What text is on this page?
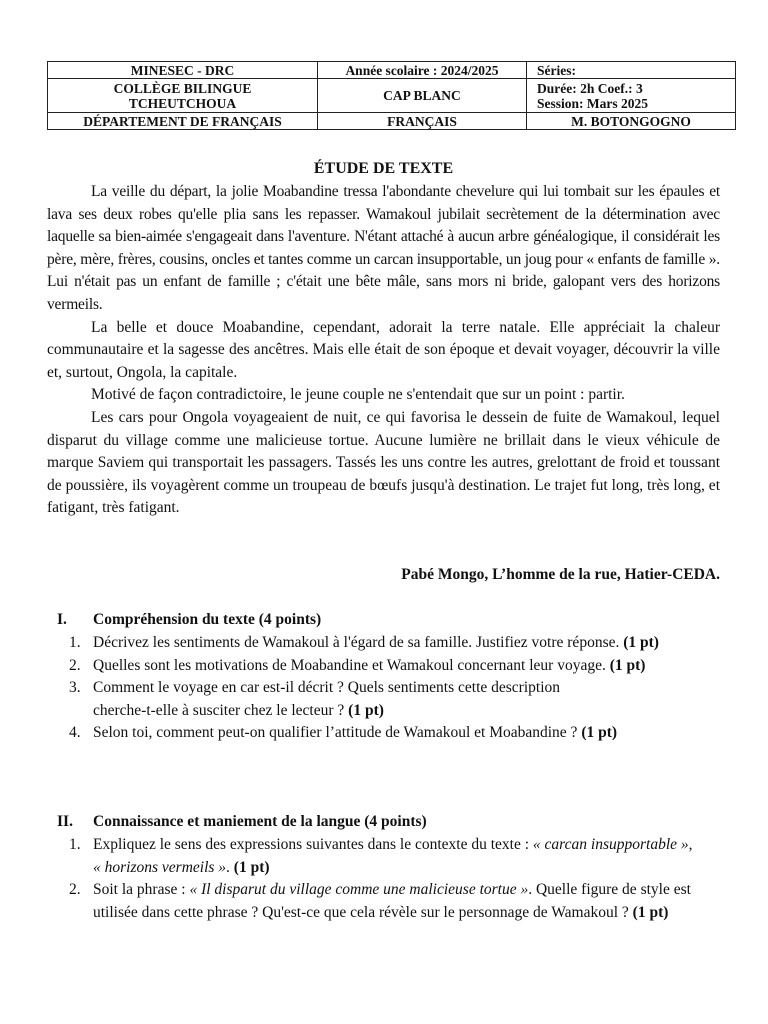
MINESEC - DRC	Année scolaire : 2024/2025	Séries:

COLLÈGE BILINGUE
TCHEUTCHOUA	CAP BLANC	Durée: 2h Coef.: 3
Session: Mars 2025

DÉPARTEMENT DE FRANÇAIS	FRANÇAIS	M. BOTONGOGNO
ÉTUDE DE TEXTE

La veille du départ, la jolie Moabandine tressa l'abondante chevelure qui lui tombait sur les épaules et lava ses deux robes qu'elle plia sans les repasser. Wamakoul jubilait secrètement de la détermination avec laquelle sa bien-aimée s'engageait dans l'aventure. N'étant attaché à aucun arbre généalogique, il considérait les père, mère, frères, cousins, oncles et tantes comme un carcan insupportable, un joug pour « enfants de famille ». Lui n'était pas un enfant de famille ; c'était une bête mâle, sans mors ni bride, galopant vers des horizons vermeils.

La belle et douce Moabandine, cependant, adorait la terre natale. Elle appréciait la chaleur communautaire et la sagesse des ancêtres. Mais elle était de son époque et devait voyager, découvrir la ville et, surtout, Ongola, la capitale.

Motivé de façon contradictoire, le jeune couple ne s'entendait que sur un point : partir.

Les cars pour Ongola voyageaient de nuit, ce qui favorisa le dessein de fuite de Wamakoul, lequel disparut du village comme une malicieuse tortue. Aucune lumière ne brillait dans le vieux véhicule de marque Saviem qui transportait les passagers. Tassés les uns contre les autres, grelottant de froid et toussant de poussière, ils voyagèrent comme un troupeau de bœufs jusqu'à destination. Le trajet fut long, très long, et fatigant, très fatigant.

Pabé Mongo, L’homme de la rue, Hatier-CEDA.
I. Compréhension du texte (4 points)
1. Décrivez les sentiments de Wamakoul à l'égard de sa famille. Justifiez votre réponse. (1 pt)
2. Quelles sont les motivations de Moabandine et Wamakoul concernant leur voyage. (1 pt)
3. Comment le voyage en car est-il décrit ? Quels sentiments cette description cherche-t-elle à susciter chez le lecteur ? (1 pt)
4. Selon toi, comment peut-on qualifier l’attitude de Wamakoul et Moabandine ? (1 pt)
II. Connaissance et maniement de la langue (4 points)
1. Expliquez le sens des expressions suivantes dans le contexte du texte : « carcan insupportable », « horizons vermeils ». (1 pt)
2. Soit la phrase : « Il disparut du village comme une malicieuse tortue ». Quelle figure de style est utilisée dans cette phrase ? Qu'est-ce que cela révèle sur le personnage de Wamakoul ? (1 pt)
